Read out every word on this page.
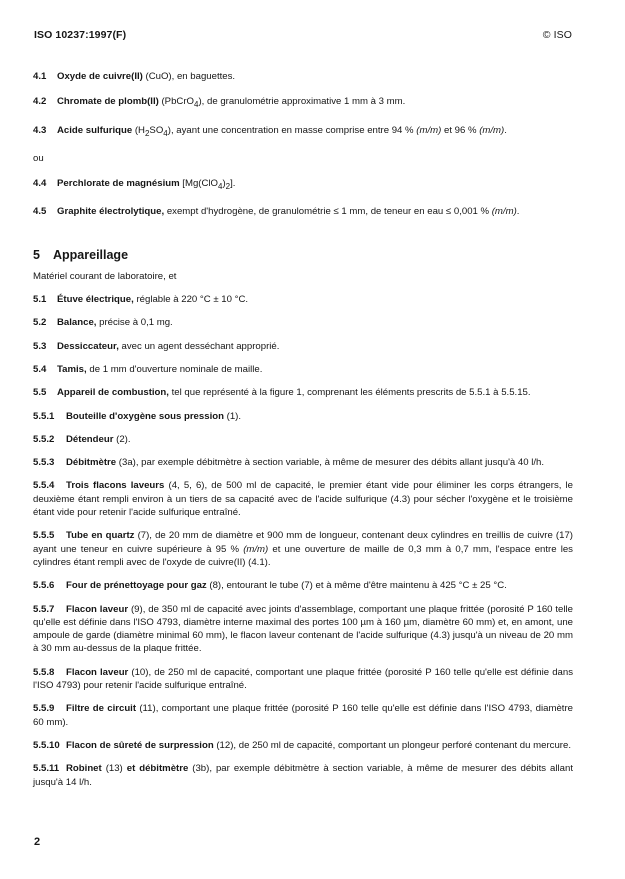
ISO 10237:1997(F)	© ISO

4.1 Oxyde de cuivre(II) (CuO), en baguettes.

4.2 Chromate de plomb(II) (PbCrO$_4$), de granulométrie approximative 1 mm à 3 mm.

4.3 Acide sulfurique $(H_2SO_4)$, ayant une concentration en masse comprise entre 94 % (m/m) et 96 % (m/m).

ou

4.4 Perchlorate de magnésium $[Mg(ClO_4)_2]$.

4.5 Graphite électrolytique, exempt d'hydrogène, de granulométrie ≤ 1 mm, de teneur en eau ≤ 0,001 % (m/m).

5 Appareillage

Matériel courant de laboratoire, et

5.1 Étuve électrique, réglable à 220 °C ± 10 °C.

5.2 Balance, précise à 0,1 mg.

5.3 Dessiccateur, avec un agent desséchant approprié.

5.4 Tamis, de 1 mm d'ouverture nominale de maille.

5.5 Appareil de combustion, tel que représenté à la figure 1, comprenant les éléments prescrits de 5.5.1 à 5.5.15.

5.5.1 Bouteille d'oxygène sous pression (1).

5.5.2 Détendeur (2).

5.5.3 Débitmètre (3a), par exemple débitmètre à section variable, à même de mesurer des débits allant jusqu'à 40 l/h.

5.5.4 Trois flacons laveurs (4, 5, 6), de 500 ml de capacité, le premier étant vide pour éliminer les corps étrangers, le deuxième étant rempli environ à un tiers de sa capacité avec de l'acide sulfurique (4.3) pour sécher l'oxygène et le troisième étant vide pour retenir l'acide sulfurique entraîné.

5.5.5 Tube en quartz (7), de 20 mm de diamètre et 900 mm de longueur, contenant deux cylindres en treillis de cuivre (17) ayant une teneur en cuivre supérieure à 95 % (m/m) et une ouverture de maille de 0,3 mm à 0,7 mm, l'espace entre les cylindres étant rempli avec de l'oxyde de cuivre(II) (4.1).

5.5.6 Four de prénettoyage pour gaz (8), entourant le tube (7) et à même d'être maintenu à 425 °C ± 25 °C.

5.5.7 Flacon laveur (9), de 350 ml de capacité avec joints d'assemblage, comportant une plaque frittée (porosité P 160 telle qu'elle est définie dans l'ISO 4793, diamètre interne maximal des portes 100 µm à 160 µm, diamètre 60 mm) et, en amont, une ampoule de garde (diamètre minimal 60 mm), le flacon laveur contenant de l'acide sulfurique (4.3) jusqu'à un niveau de 20 mm à 30 mm au-dessus de la plaque frittée.

5.5.8 Flacon laveur (10), de 250 ml de capacité, comportant une plaque frittée (porosité P 160 telle qu'elle est définie dans l'ISO 4793) pour retenir l'acide sulfurique entraîné.

5.5.9 Filtre de circuit (11), comportant une plaque frittée (porosité P 160 telle qu'elle est définie dans l'ISO 4793, diamètre 60 mm).

5.5.10 Flacon de sûreté de surpression (12), de 250 ml de capacité, comportant un plongeur perforé contenant du mercure.

5.5.11 Robinet (13) et débitmètre (3b), par exemple débitmètre à section variable, à même de mesurer des débits allant jusqu'à 14 l/h.

2
